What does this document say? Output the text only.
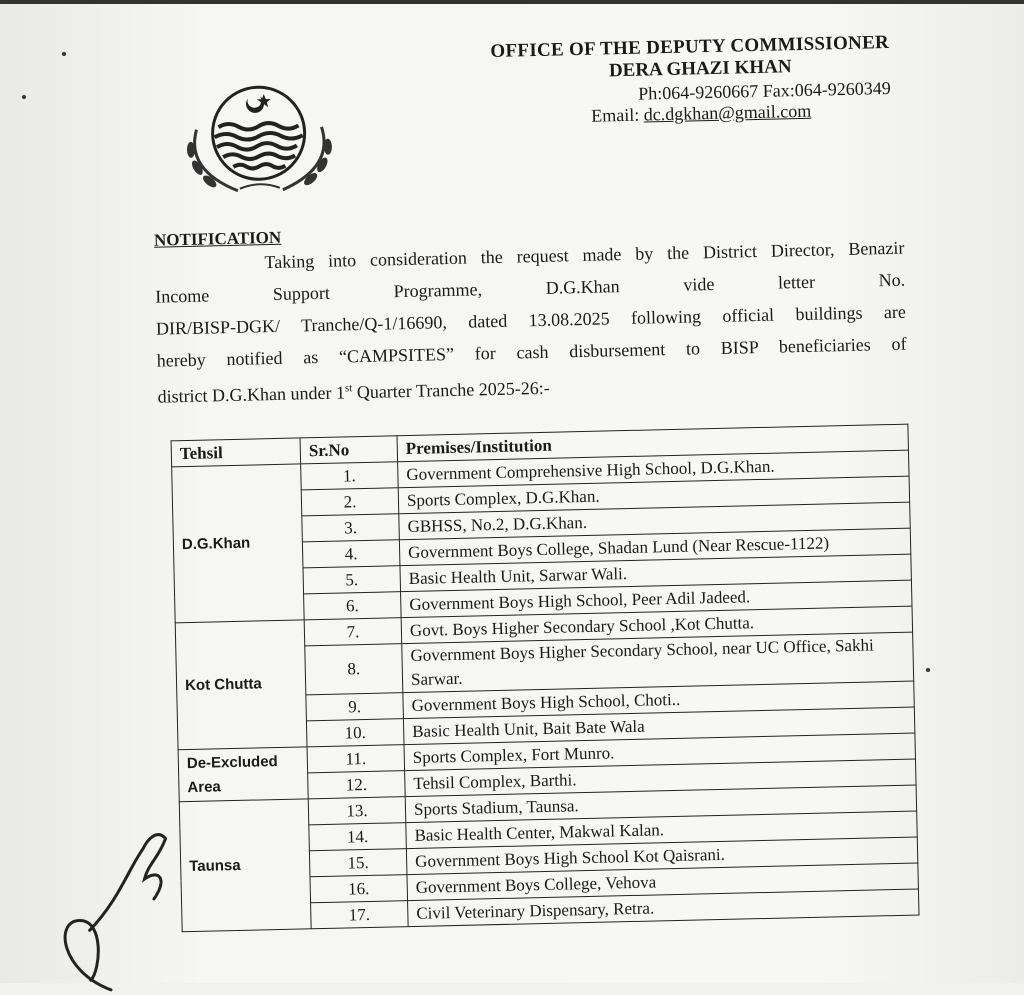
OFFICE OF THE DEPUTY COMMISSIONER
DERA GHAZI KHAN
Ph:064-9260667 Fax:064-9260349
Email: dc.dgkhan@gmail.com
NOTIFICATION
Taking into consideration the request made by the District Director, Benazir
Income Support Programme, D.G.Khan vide letter No.
DIR/BISP-DGK/ Tranche/Q-1/16690, dated 13.08.2025 following official buildings are
hereby notified as “CAMPSITES” for cash disbursement to BISP beneficiaries of
district D.G.Khan under 1st Quarter Tranche 2025-26:-
Tehsil	Sr.No	Premises/Institution
D.G.Khan	1.	Government Comprehensive High School, D.G.Khan.
	2.	Sports Complex, D.G.Khan.
	3.	GBHSS, No.2, D.G.Khan.
	4.	Government Boys College, Shadan Lund (Near Rescue-1122)
	5.	Basic Health Unit, Sarwar Wali.
	6.	Government Boys High School, Peer Adil Jadeed.
Kot Chutta	7.	Govt. Boys Higher Secondary School ,Kot Chutta.
	8.	Government Boys Higher Secondary School, near UC Office, Sakhi Sarwar.
	9.	Government Boys High School, Choti..
	10.	Basic Health Unit, Bait Bate Wala
De-Excluded Area	11.	Sports Complex, Fort Munro.
	12.	Tehsil Complex, Barthi.
Taunsa	13.	Sports Stadium, Taunsa.
	14.	Basic Health Center, Makwal Kalan.
	15.	Government Boys High School Kot Qaisrani.
	16.	Government Boys College, Vehova
	17.	Civil Veterinary Dispensary, Retra.
